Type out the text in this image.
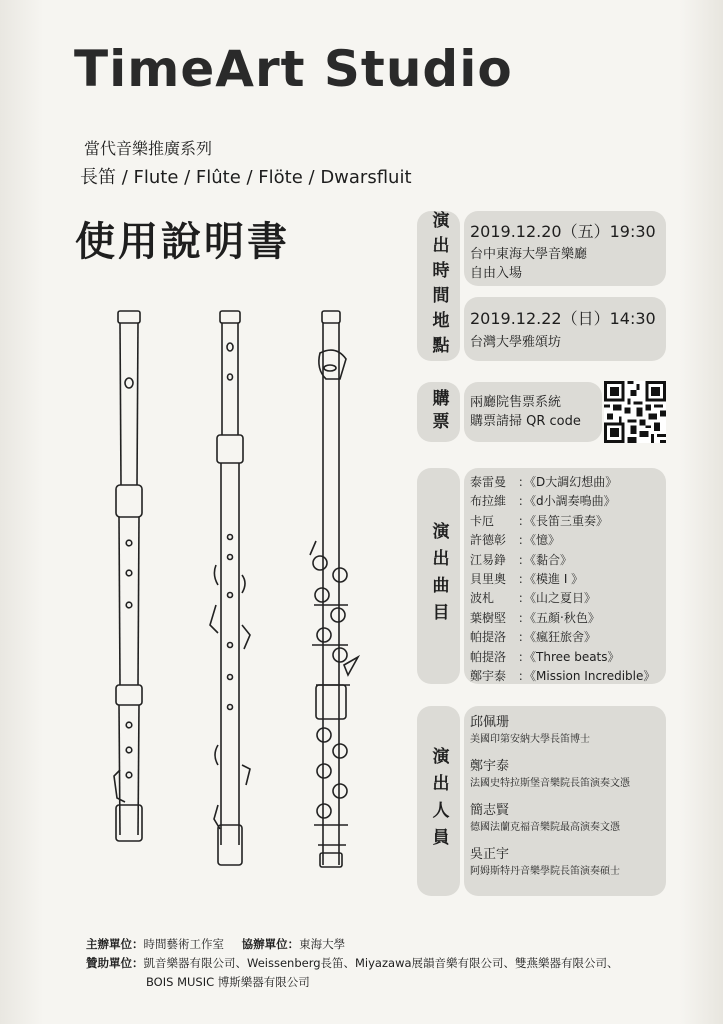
TimeArt Studio
當代音樂推廣系列
長笛 / Flute / Flûte / Flöte / Dwarsfluit
使用說明書	演出時間地點 2019.12.20（五）19:30
台中東海大學音樂廳
自由入場
2019.12.22（日）14:30
台灣大學雅頌坊
購票 兩廳院售票系統
購票請掃 QR code
演出曲目
泰雷曼 ：《D大調幻想曲》
布拉維 ：《d小調奏鳴曲》
卡厄 ：《長笛三重奏》
許德彰 ：《憶》
江易錚 ：《黏合》
貝里奧 ：《模進 I 》
波札 ：《山之夏日》
葉樹堅 ：《五顏‧秋色》
帕提洛 ：《瘋狂旅舍》
帕提洛 ：《Three beats》
鄭宇泰 ：《Mission Incredible》
演出人員
邱佩珊
美國印第安納大學長笛博士
鄭宇泰
法國史特拉斯堡音樂院長笛演奏文憑
簡志賢
德國法蘭克福音樂院最高演奏文憑
吳正宇
阿姆斯特丹音樂學院長笛演奏碩士
主辦單位：時間藝術工作室 協辦單位：東海大學
贊助單位：凱音樂器有限公司、Weissenberg長笛、Miyazawa展韻音樂有限公司、雙燕樂器有限公司、
BOIS MUSIC 博斯樂器有限公司
